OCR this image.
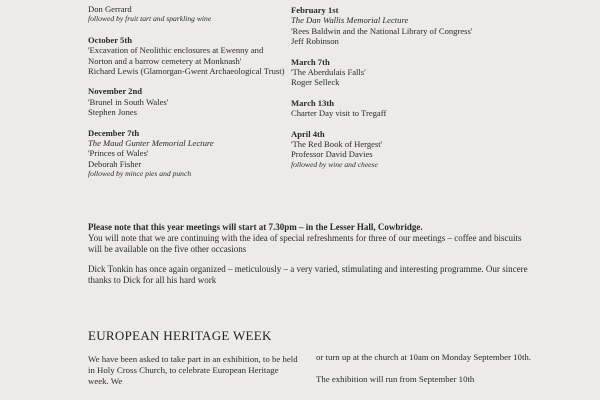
Don Gerrard
followed by fruit tart and sparkling wine
October 5th
'Excavation of Neolithic enclosures at Ewenny and Norton and a barrow cemetery at Monknash'
Richard Lewis (Glamorgan-Gwent Archaeological Trust)
November 2nd
'Brunel in South Wales'
Stephen Jones
December 7th
The Maud Gunter Memorial Lecture
'Princes of Wales'
Deborah Fisher
followed by mince pies and punch
February 1st
The Dan Wallis Memorial Lecture
'Rees Baldwin and the National Library of Congress'
Jeff Robinson
March 7th
'The Aberdulais Falls'
Roger Selleck
March 13th
Charter Day visit to Tregaff
April 4th
'The Red Book of Hergest'
Professor David Davies
followed by wine and cheese

Please note that this year meetings will start at 7.30pm – in the Lesser Hall, Cowbridge.
You will note that we are continuing with the idea of special refreshments for three of our meetings – coffee and biscuits will be available on the five other occasions

Dick Tonkin has once again organized – meticulously – a very varied, stimulating and interesting programme. Our sincere thanks to Dick for all his hard work

EUROPEAN HERITAGE WEEK
We have been asked to take part in an exhibition, to be held in Holy Cross Church, to celebrate European Heritage week. We

or turn up at the church at 10am on Monday September 10th.

The exhibition will run from September 10th
